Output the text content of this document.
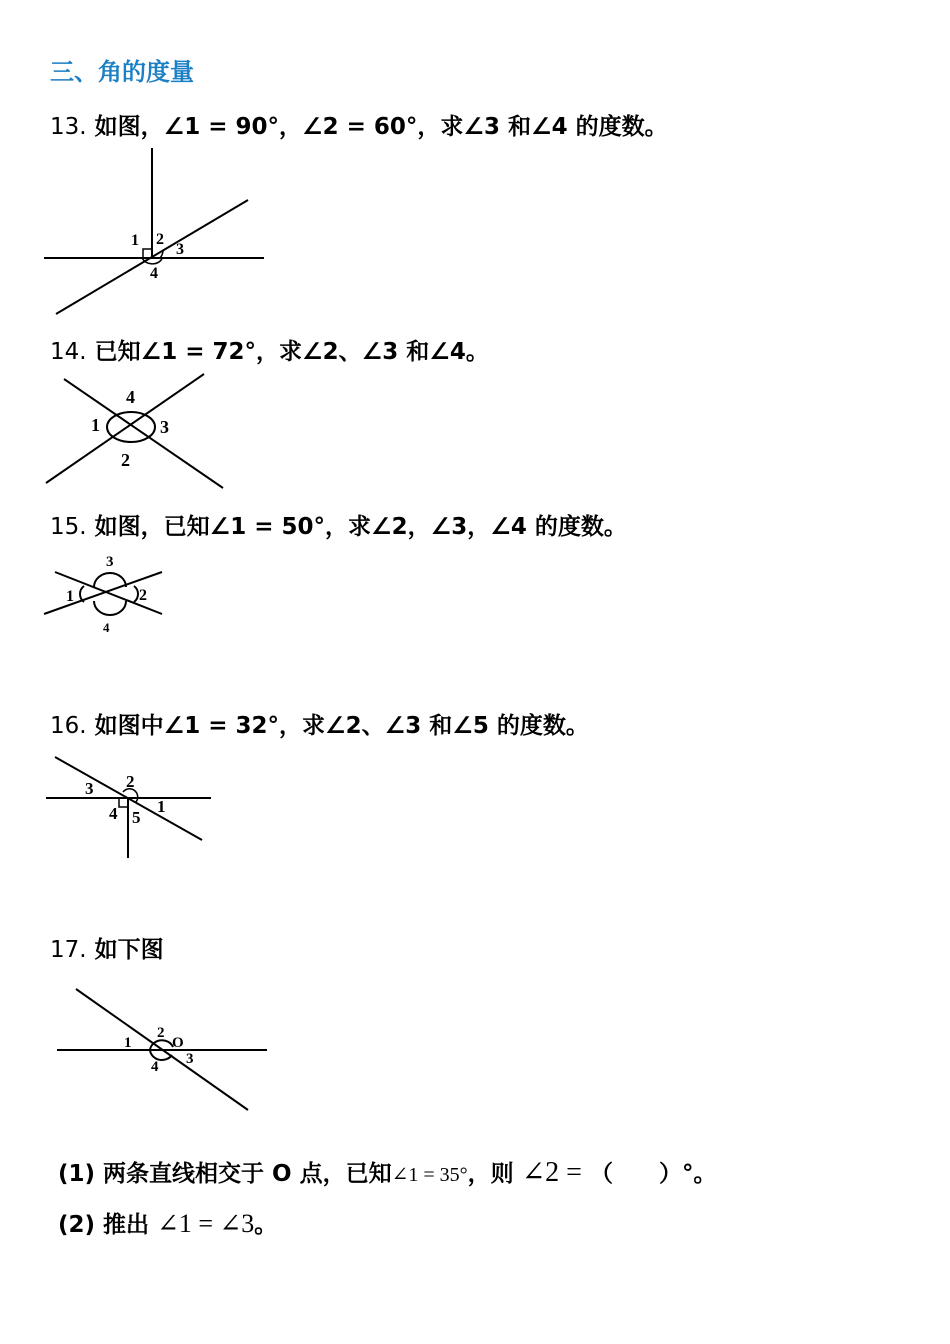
三、角的度量
13. 如图，∠1 = 90°，∠2 = 60°，求∠3 和∠4 的度数。
1 2
3
4
14. 已知∠1 = 72°，求∠2、∠3 和∠4。
4
1	3
2
15. 如图，已知∠1 = 50°，求∠2，∠3，∠4 的度数。
3
1	2
4
16. 如图中∠1 = 32°，求∠2、∠3 和∠5 的度数。
3 2
1
4 5
17. 如下图
1
2
O
3
4
(1) 两条直线相交于 O 点，已知∠1 = 35°，则 ∠2 = （　　）°。
(2) 推出 ∠1 = ∠3。
